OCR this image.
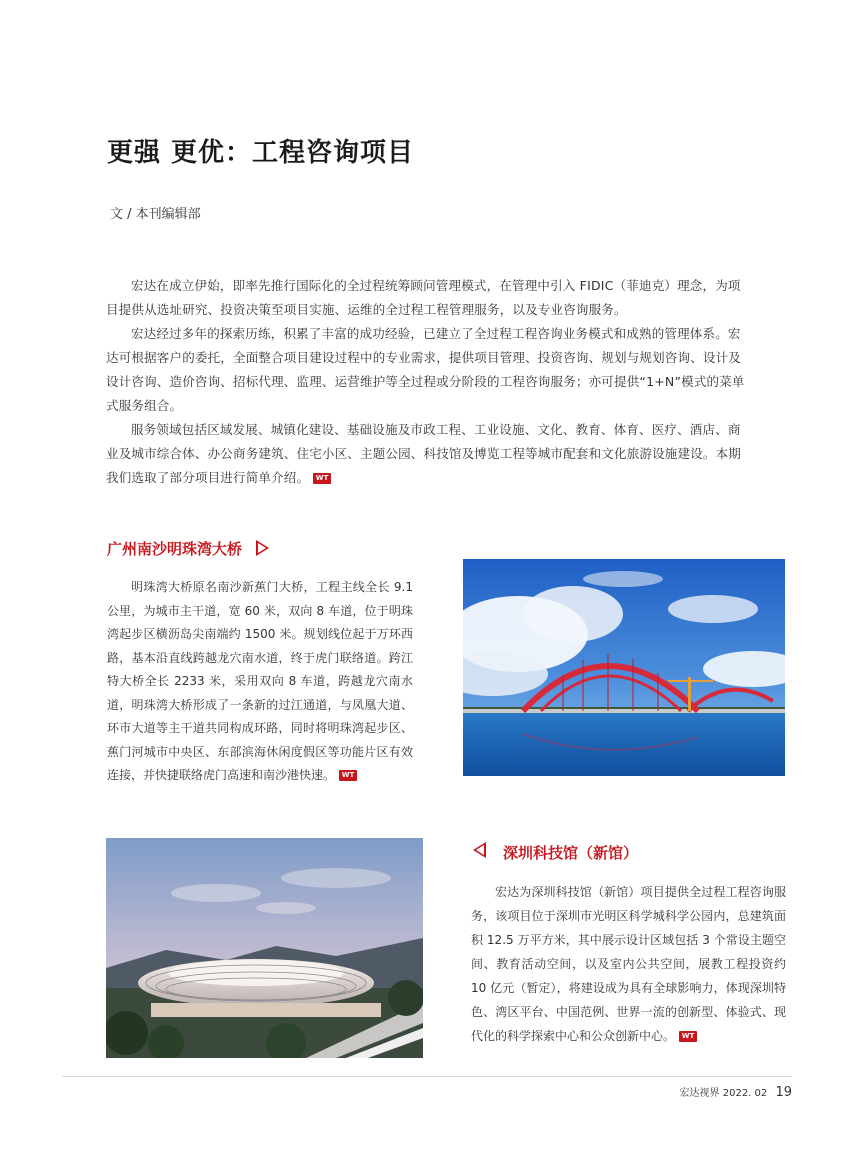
更强 更优：工程咨询项目
文 / 本刊编辑部

宏达在成立伊始，即率先推行国际化的全过程统筹顾问管理模式，在管理中引入 FIDIC（菲迪克）理念，为项目提供从选址研究、投资决策至项目实施、运维的全过程工程管理服务，以及专业咨询服务。

宏达经过多年的探索历练，积累了丰富的成功经验，已建立了全过程工程咨询业务模式和成熟的管理体系。宏达可根据客户的委托，全面整合项目建设过程中的专业需求，提供项目管理、投资咨询、规划与规划咨询、设计及设计咨询、造价咨询、招标代理、监理、运营维护等全过程或分阶段的工程咨询服务；亦可提供“1+N”模式的菜单式服务组合。

服务领域包括区域发展、城镇化建设、基础设施及市政工程、工业设施、文化、教育、体育、医疗、酒店、商业及城市综合体、办公商务建筑、住宅小区、主题公园、科技馆及博览工程等城市配套和文化旅游设施建设。本期我们选取了部分项目进行简单介绍。 WT

广州南沙明珠湾大桥

明珠湾大桥原名南沙新蕉门大桥，工程主线全长 9.1 公里，为城市主干道，宽 60 米，双向 8 车道，位于明珠湾起步区横沥岛尖南端约 1500 米。规划线位起于万环西路，基本沿直线跨越龙穴南水道，终于虎门联络道。跨江特大桥全长 2233 米，采用双向 8 车道，跨越龙穴南水道，明珠湾大桥形成了一条新的过江通道，与凤凰大道、环市大道等主干道共同构成环路，同时将明珠湾起步区、蕉门河城市中央区、东部滨海休闲度假区等功能片区有效连接，并快捷联络虎门高速和南沙港快速。 WT

深圳科技馆（新馆）

宏达为深圳科技馆（新馆）项目提供全过程工程咨询服务，该项目位于深圳市光明区科学城科学公园内，总建筑面积 12.5 万平方米，其中展示设计区域包括 3 个常设主题空间、教育活动空间，以及室内公共空间，展教工程投资约 10 亿元（暂定），将建设成为具有全球影响力，体现深圳特色、湾区平台、中国范例、世界一流的创新型、体验式、现代化的科学探索中心和公众创新中心。 WT

宏达视界 2022. 02 19
